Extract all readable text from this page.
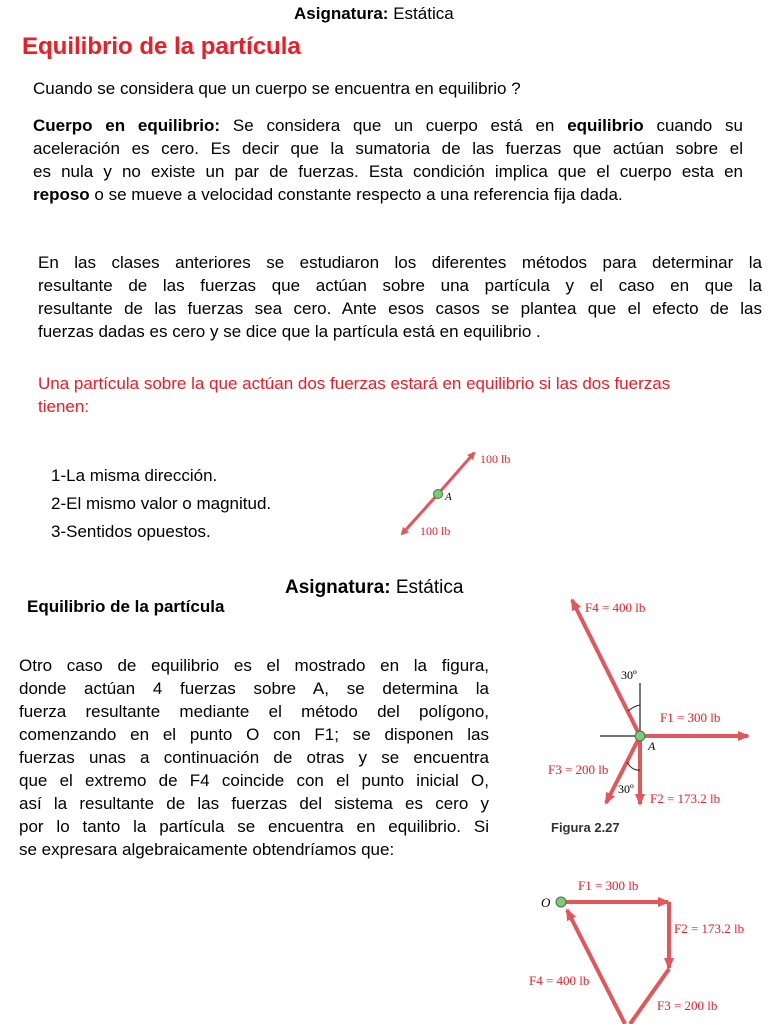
Asignatura: Estática
Equilibrio de la partícula
Cuando se considera que un cuerpo se encuentra en equilibrio ?
Cuerpo en equilibrio: Se considera que un cuerpo está en equilibrio cuando su
aceleración es cero. Es decir que la sumatoria de las fuerzas que actúan sobre el
es nula y no existe un par de fuerzas. Esta condición implica que el cuerpo esta en
reposo o se mueve a velocidad constante respecto a una referencia fija dada.
En las clases anteriores se estudiaron los diferentes métodos para determinar la
resultante de las fuerzas que actúan sobre una partícula y el caso en que la
resultante de las fuerzas sea cero. Ante esos casos se plantea que el efecto de las
fuerzas dadas es cero y se dice que la partícula está en equilibrio .
Una partícula sobre la que actúan dos fuerzas estará en equilibrio si las dos fuerzas
tienen:
1-La misma dirección.
2-El mismo valor o magnitud.
3-Sentidos opuestos.
A
100 lb
100 lb
Asignatura: Estática
Equilibrio de la partícula
Otro caso de equilibrio es el mostrado en la figura,
donde actúan 4 fuerzas sobre A, se determina la
fuerza resultante mediante el método del polígono,
comenzando en el punto O con F1; se disponen las
fuerzas unas a continuación de otras y se encuentra
que el extremo de F4 coincide con el punto inicial O,
así la resultante de las fuerzas del sistema es cero y
por lo tanto la partícula se encuentra en equilibrio. Si
se expresara algebraicamente obtendríamos que:
F4 = 400 lb
30º
F1 = 300 lb
A
F3 = 200 lb
30º
F2 = 173.2 lb
Figura 2.27
O
F1 = 300 lb
F2 = 173.2 lb
F4 = 400 lb
F3 = 200 lb
